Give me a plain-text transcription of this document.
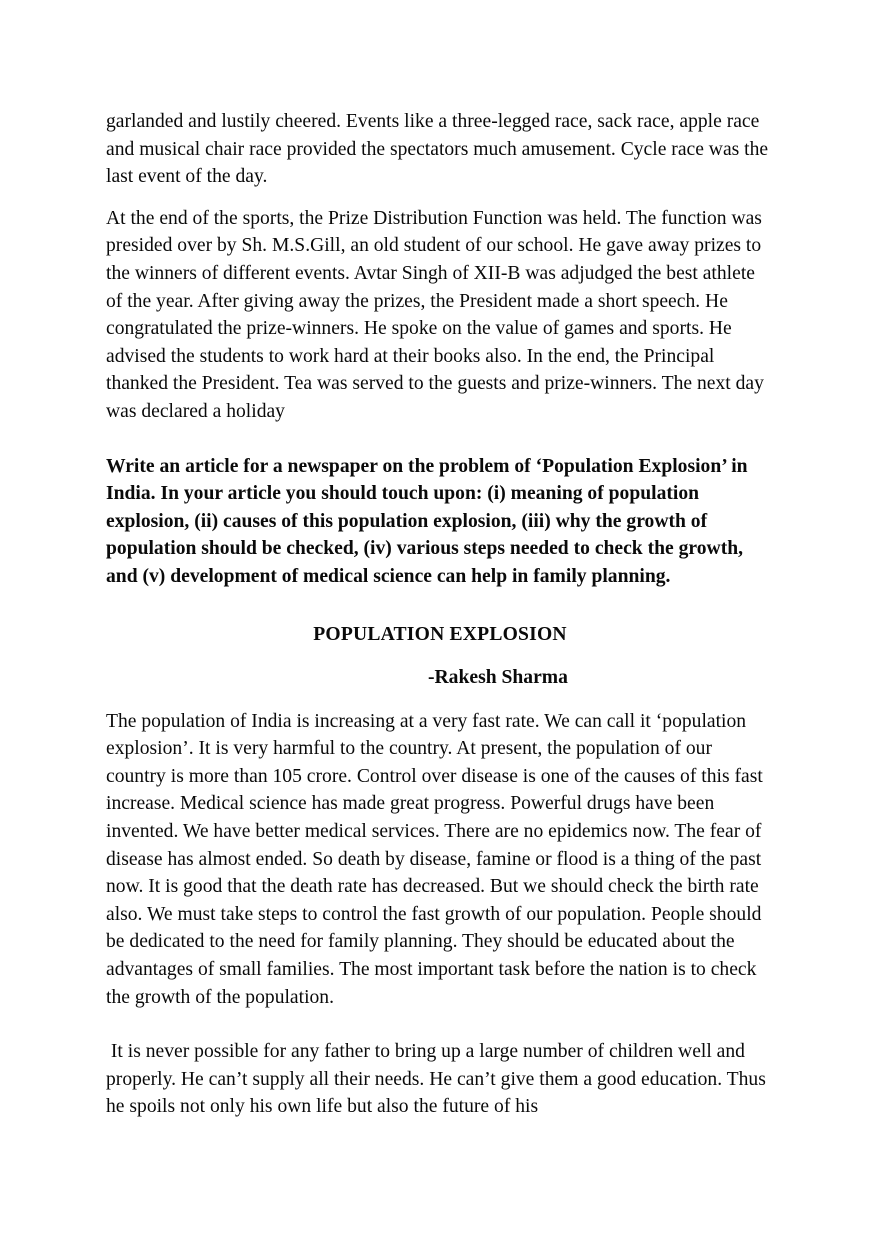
garlanded and lustily cheered. Events like a three-legged race, sack race, apple race and musical chair race provided the spectators much amusement. Cycle race was the last event of the day.

At the end of the sports, the Prize Distribution Function was held. The function was presided over by Sh. M.S.Gill, an old student of our school. He gave away prizes to the winners of different events. Avtar Singh of XII-B was adjudged the best athlete of the year. After giving away the prizes, the President made a short speech. He congratulated the prize-winners. He spoke on the value of games and sports. He advised the students to work hard at their books also. In the end, the Principal thanked the President. Tea was served to the guests and prize-winners. The next day was declared a holiday

Write an article for a newspaper on the problem of ‘Population Explosion’ in India. In your article you should touch upon: (i) meaning of population explosion, (ii) causes of this population explosion, (iii) why the growth of population should be checked, (iv) various steps needed to check the growth, and (v) development of medical science can help in family planning.

POPULATION EXPLOSION

-Rakesh Sharma

The population of India is increasing at a very fast rate. We can call it ‘population explosion’. It is very harmful to the country. At present, the population of our country is more than 105 crore. Control over disease is one of the causes of this fast increase. Medical science has made great progress. Powerful drugs have been invented. We have better medical services. There are no epidemics now. The fear of disease has almost ended. So death by disease, famine or flood is a thing of the past now. It is good that the death rate has decreased. But we should check the birth rate also. We must take steps to control the fast growth of our population. People should be dedicated to the need for family planning. They should be educated about the advantages of small families. The most important task before the nation is to check the growth of the population.

It is never possible for any father to bring up a large number of children well and properly. He can’t supply all their needs. He can’t give them a good education. Thus he spoils not only his own life but also the future of his
